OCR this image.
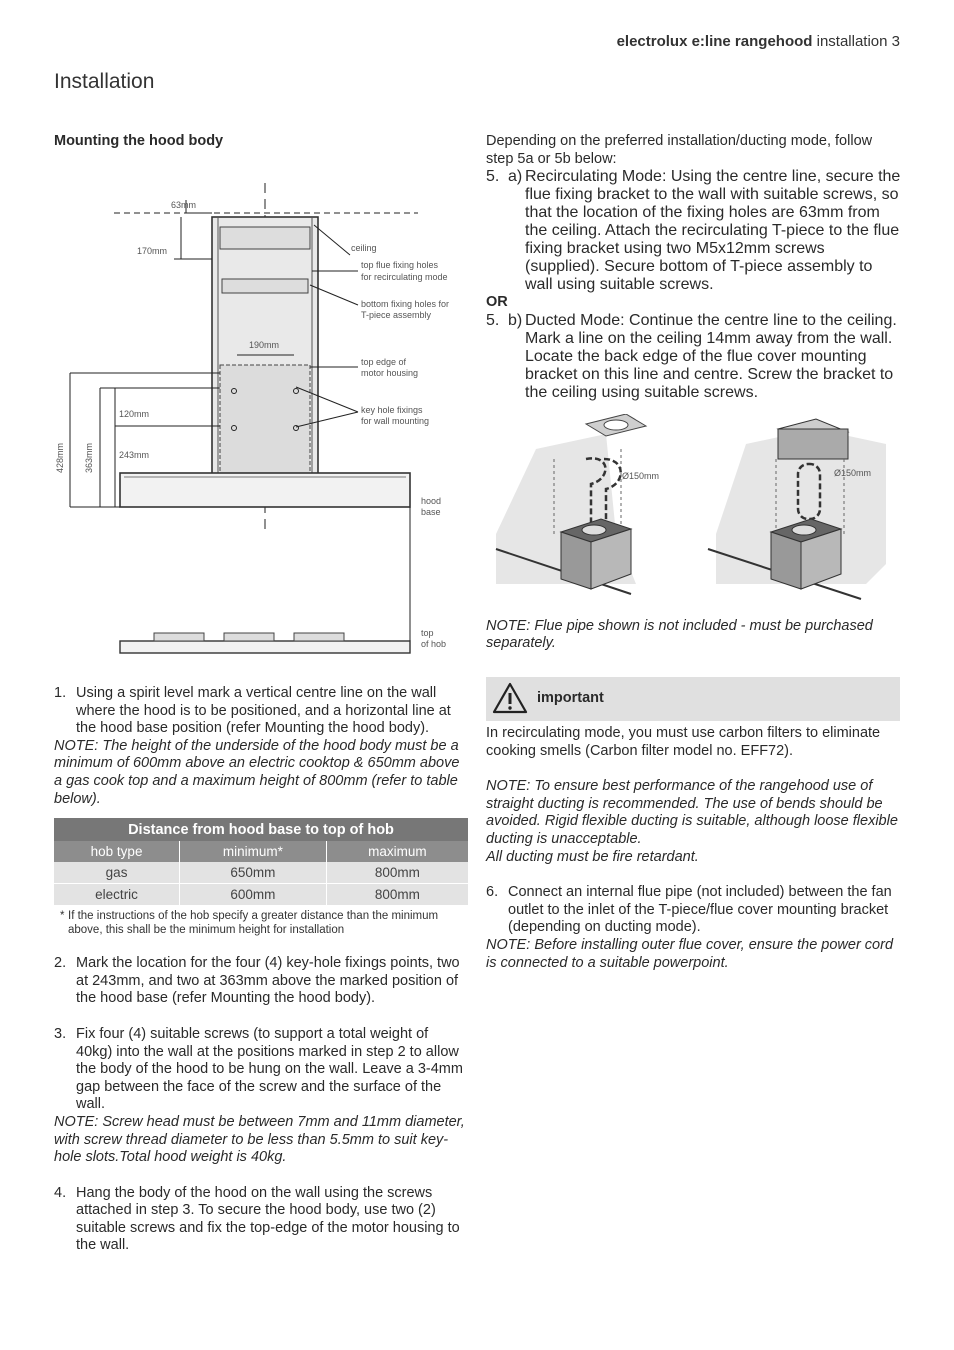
electrolux e:line rangehood installation 3
Installation
Mounting the hood body
63mm
170mm
190mm
120mm
243mm
363mm
428mm
ceiling
top flue fixing holes
for recirculating mode
bottom fixing holes for
T-piece assembly
top edge of
motor housing
key hole fixings
for wall mounting
hood
base
top
of hob
1. Using a spirit level mark a vertical centre line on the wall where the hood is to be positioned, and a horizontal line at the hood base position (refer Mounting the hood body).

NOTE: The height of the underside of the hood body must be a minimum of 600mm above an electric cooktop & 650mm above a gas cook top and a maximum height of 800mm (refer to table below).

Distance from hood base to top of hob		
hob type	minimum*	maximum
gas	650mm	800mm
electric	600mm	800mm
* If the instructions of the hob specify a greater distance than the minimum above, this shall be the minimum height for installation
2. Mark the location for the four (4) key-hole fixings points, two at 243mm, and two at 363mm above the marked position of the hood base (refer Mounting the hood body).
3. Fix four (4) suitable screws (to support a total weight of 40kg) into the wall at the positions marked in step 2 to allow the body of the hood to be hung on the wall. Leave a 3-4mm gap between the face of the screw and the surface of the wall.

NOTE: Screw head must be between 7mm and 11mm diameter, with screw thread diameter to be less than 5.5mm to suit key-hole slots.Total hood weight is 40kg.

4. Hang the body of the hood on the wall using the screws attached in step 3. To secure the hood body, use two (2) suitable screws and fix the top-edge of the motor housing to the wall.

Depending on the preferred installation/ducting mode, follow step 5a or 5b below:

5. a) Recirculating Mode: Using the centre line, secure the flue fixing bracket to the wall with suitable screws, so that the location of the fixing holes are 63mm from the ceiling. Attach the recirculating T-piece to the flue fixing bracket using two M5x12mm screws (supplied). Secure bottom of T-piece assembly to wall using suitable screws.
OR
5. b) Ducted Mode: Continue the centre line to the ceiling. Mark a line on the ceiling 14mm away from the wall. Locate the back edge of the flue cover mounting bracket on this line and centre. Screw the bracket to the ceiling using suitable screws.
Ø150mm	Ø150mm

NOTE: Flue pipe shown is not included - must be purchased separately.

important

In recirculating mode, you must use carbon filters to eliminate cooking smells (Carbon filter model no. EFF72).

NOTE: To ensure best performance of the rangehood use of straight ducting is recommended. The use of bends should be avoided. Rigid flexible ducting is suitable, although loose flexible ducting is unacceptable.

All ducting must be fire retardant.

6. Connect an internal flue pipe (not included) between the fan outlet to the inlet of the T-piece/flue cover mounting bracket (depending on ducting mode).

NOTE: Before installing outer flue cover, ensure the power cord is connected to a suitable powerpoint.
